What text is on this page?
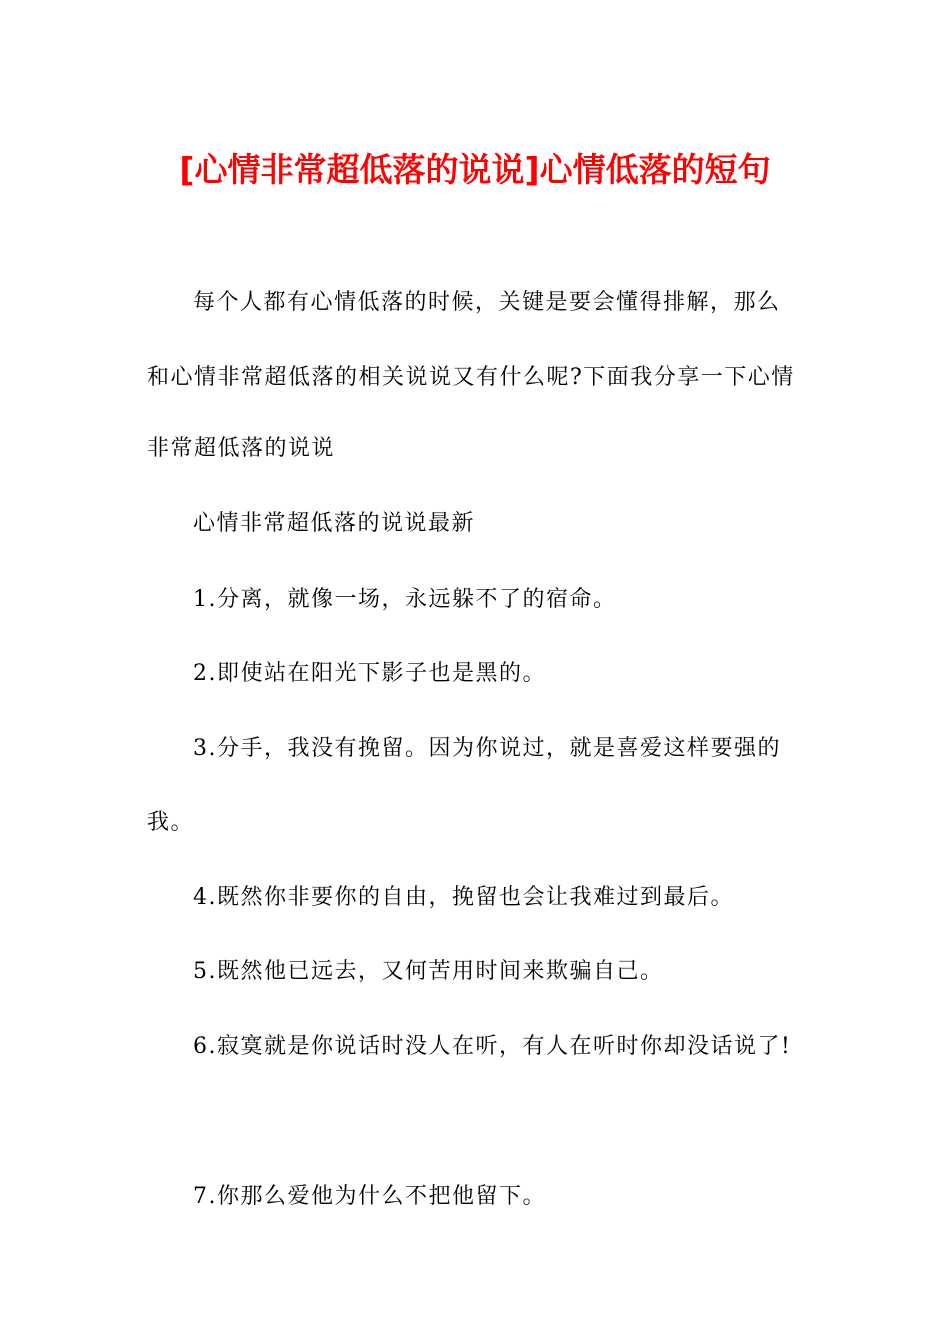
[心情非常超低落的说说]心情低落的短句
每个人都有心情低落的时候，关键是要会懂得排解，那么
和心情非常超低落的相关说说又有什么呢?下面我分享一下心情
非常超低落的说说
心情非常超低落的说说最新
1.分离，就像一场，永远躲不了的宿命。
2.即使站在阳光下影子也是黑的。
3.分手，我没有挽留。因为你说过，就是喜爱这样要强的
我。
4.既然你非要你的自由，挽留也会让我难过到最后。
5.既然他已远去，又何苦用时间来欺骗自己。
6.寂寞就是你说话时没人在听，有人在听时你却没话说了!
7.你那么爱他为什么不把他留下。
